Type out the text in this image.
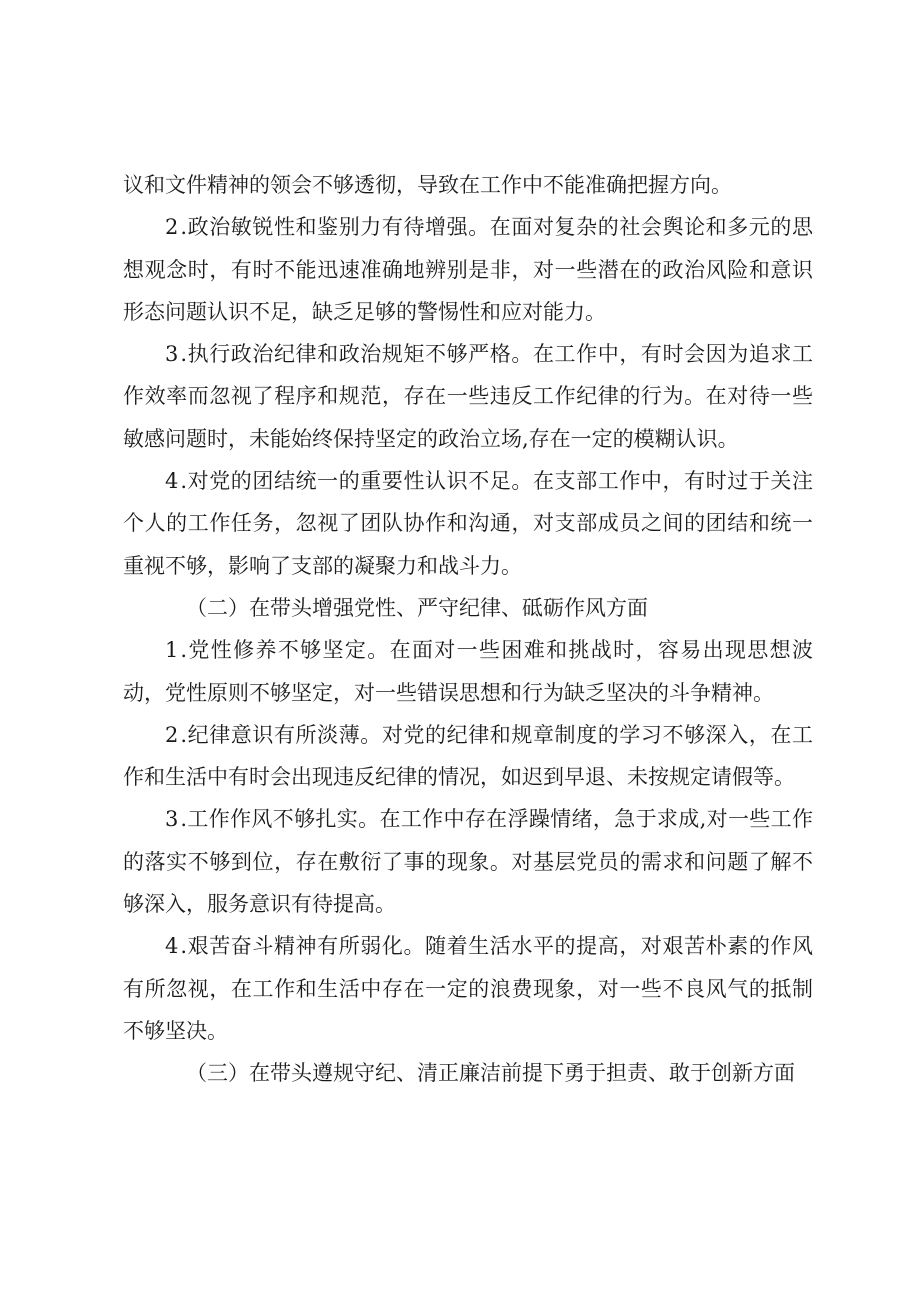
议和文件精神的领会不够透彻，导致在工作中不能准确把握方向。

2.政治敏锐性和鉴别力有待增强。在面对复杂的社会舆论和多元的思想观念时，有时不能迅速准确地辨别是非，对一些潜在的政治风险和意识形态问题认识不足，缺乏足够的警惕性和应对能力。

3.执行政治纪律和政治规矩不够严格。在工作中，有时会因为追求工作效率而忽视了程序和规范，存在一些违反工作纪律的行为。在对待一些敏感问题时，未能始终保持坚定的政治立场,存在一定的模糊认识。

4.对党的团结统一的重要性认识不足。在支部工作中，有时过于关注个人的工作任务，忽视了团队协作和沟通，对支部成员之间的团结和统一重视不够，影响了支部的凝聚力和战斗力。

（二）在带头增强党性、严守纪律、砥砺作风方面

1.党性修养不够坚定。在面对一些困难和挑战时，容易出现思想波动，党性原则不够坚定，对一些错误思想和行为缺乏坚决的斗争精神。

2.纪律意识有所淡薄。对党的纪律和规章制度的学习不够深入，在工作和生活中有时会出现违反纪律的情况，如迟到早退、未按规定请假等。

3.工作作风不够扎实。在工作中存在浮躁情绪，急于求成,对一些工作的落实不够到位，存在敷衍了事的现象。对基层党员的需求和问题了解不够深入，服务意识有待提高。

4.艰苦奋斗精神有所弱化。随着生活水平的提高，对艰苦朴素的作风有所忽视，在工作和生活中存在一定的浪费现象，对一些不良风气的抵制不够坚决。

（三）在带头遵规守纪、清正廉洁前提下勇于担责、敢于创新方面
